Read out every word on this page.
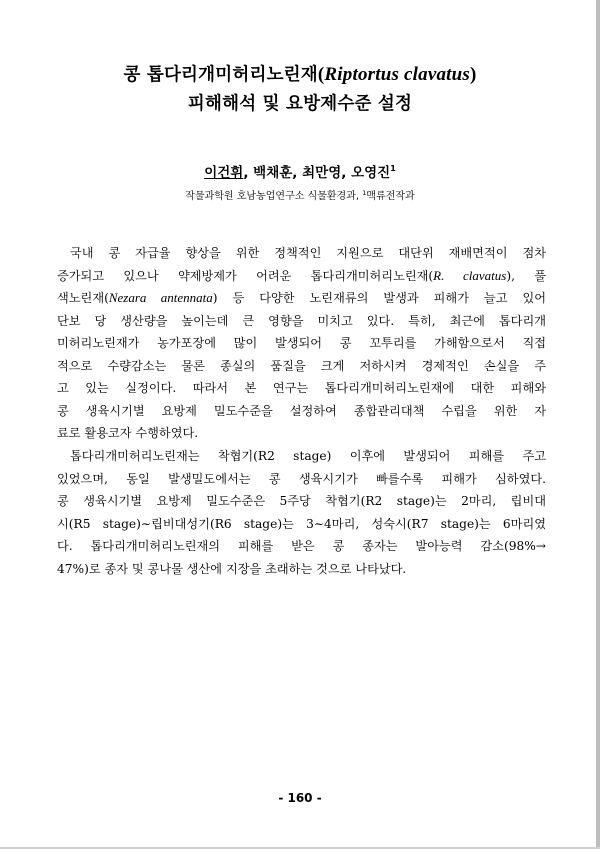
콩 톱다리개미허리노린재(Riptortus clavatus)
피해해석 및 요방제수준 설정
이건휘, 백채훈, 최만영, 오영진$^1$
작물과학원 호남농업연구소 식물환경과, $^1$맥류전작과
국내 콩 자급율 향상을 위한 정책적인 지원으로 대단위 재배면적이 점차
증가되고 있으나 약제방제가 어려운 톱다리개미허리노린재(R. clavatus), 풀
색노린재(Nezara antennata) 등 다양한 노린재류의 발생과 피해가 늘고 있어
단보 당 생산량을 높이는데 큰 영향을 미치고 있다. 특히, 최근에 톱다리개
미허리노린재가 농가포장에 많이 발생되어 콩 꼬투리를 가해함으로서 직접
적으로 수량감소는 물론 종실의 품질을 크게 저하시켜 경제적인 손실을 주
고 있는 실정이다. 따라서 본 연구는 톱다리개미허리노린재에 대한 피해와
콩 생육시기별 요방제 밀도수준을 설정하여 종합관리대책 수립을 위한 자
료로 활용코자 수행하였다.
톱다리개미허리노린재는 착협기(R2 stage) 이후에 발생되어 피해를 주고
있었으며, 동일 발생밀도에서는 콩 생육시기가 빠를수록 피해가 심하였다.
콩 생육시기별 요방제 밀도수준은 5주당 착협기(R2 stage)는 2마리, 립비대
시(R5 stage)∼립비대성기(R6 stage)는 3∼4마리, 성숙시(R7 stage)는 6마리였
다. 톱다리개미허리노린재의 피해를 받은 콩 종자는 발아능력 감소(98%→
47%)로 종자 및 콩나물 생산에 지장을 초래하는 것으로 나타났다.
- 160 -
